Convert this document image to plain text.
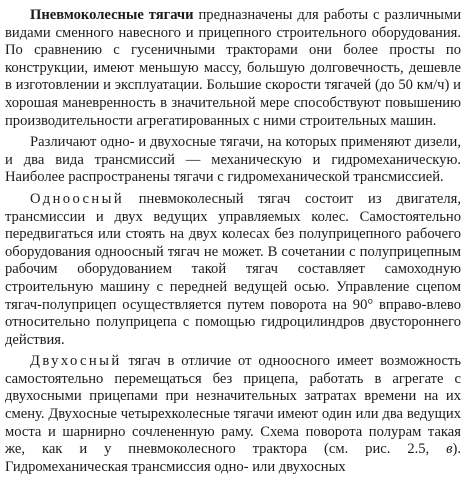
Пневмоколесные тягачи предназначены для работы с различными видами сменного навесного и прицепного строительного оборудования. По сравнению с гусеничными тракторами они более просты по конструкции, имеют меньшую массу, большую долговечность, дешевле в изготовлении и эксплуатации. Большие скорости тягачей (до 50 км/ч) и хорошая маневренность в значительной мере способствуют повышению производительности агрегатированных с ними строительных машин.

Различают одно- и двухосные тягачи, на которых применяют дизели, и два вида трансмиссий — механическую и гидромеханическую. Наиболее распространены тягачи с гидромеханической трансмиссией.

Одноосный пневмоколесный тягач состоит из двигателя, трансмиссии и двух ведущих управляемых колес. Самостоятельно передвигаться или стоять на двух колесах без полуприцепного рабочего оборудования одноосный тягач не может. В сочетании с полуприцепным рабочим оборудованием такой тягач составляет самоходную строительную машину с передней ведущей осью. Управление сцепом тягач-полуприцеп осуществляется путем поворота на 90° вправо-влево относительно полуприцепа с помощью гидроцилиндров двустороннего действия.

Двухосный тягач в отличие от одноосного имеет возможность самостоятельно перемещаться без прицепа, работать в агрегате с двухосными прицепами при незначительных затратах времени на их смену. Двухосные четырехколесные тягачи имеют один или два ведущих моста и шарнирно сочлененную раму. Схема поворота полурам такая же, как и у пневмоколесного трактора (см. рис. 2.5, в). Гидромеханическая трансмиссия одно- или двухосных
